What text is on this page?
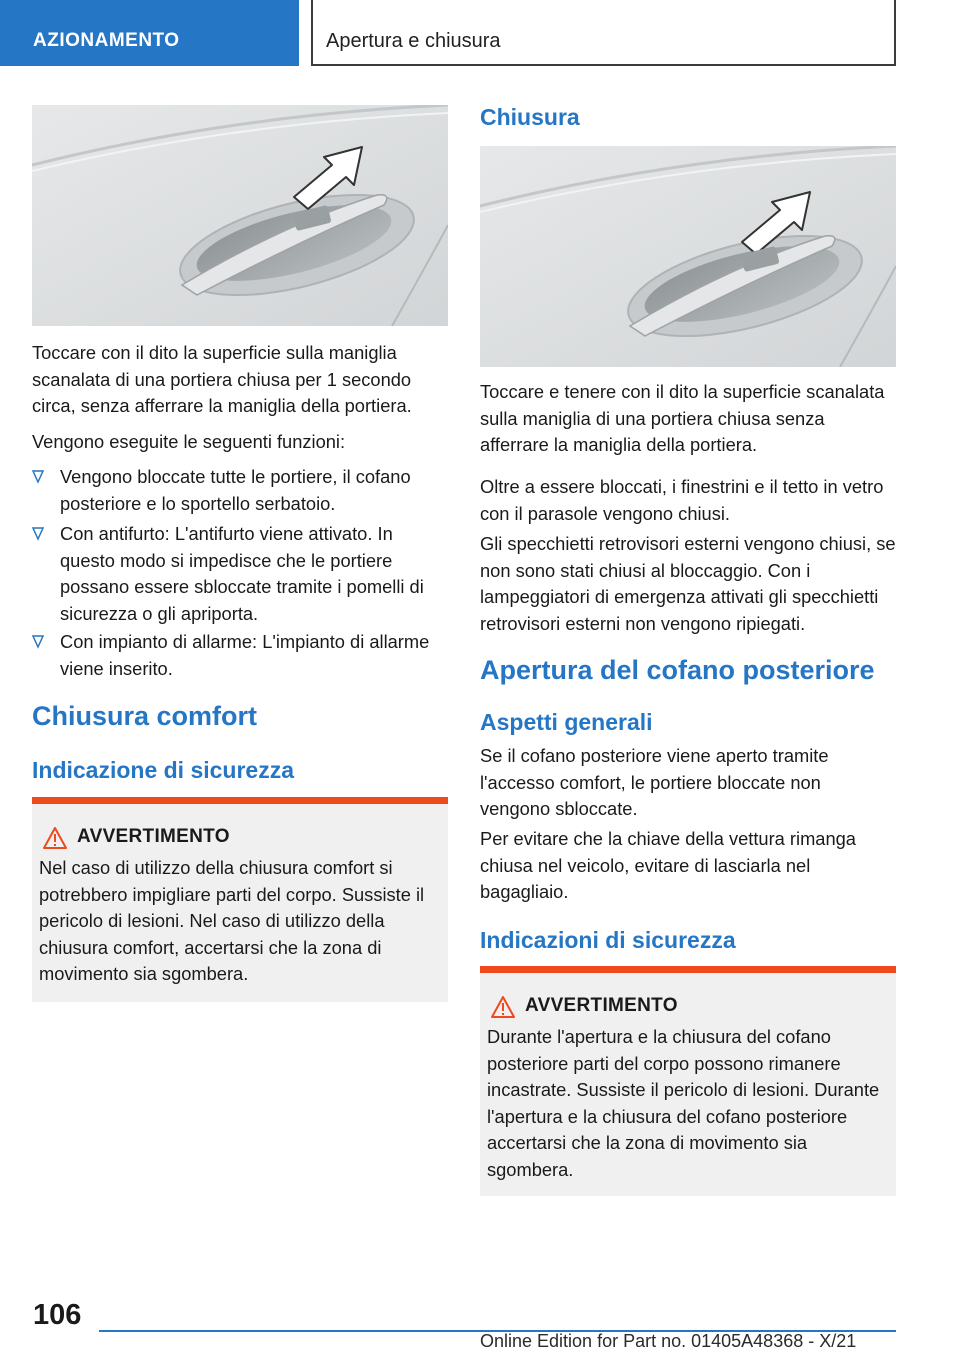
AZIONAMENTO	Apertura e chiusura
Toccare con il dito la superficie sulla maniglia scanalata di una portiera chiusa per 1 secondo circa, senza afferrare la maniglia della portiera.
Vengono eseguite le seguenti funzioni:
Vengono bloccate tutte le portiere, il cofano posteriore e lo sportello serbatoio.
Con antifurto: L'antifurto viene attivato. In questo modo si impedisce che le portiere possano essere sbloccate tramite i pomelli di sicurezza o gli apriporta.
Con impianto di allarme: L'impianto di allarme viene inserito.
Chiusura comfort
Indicazione di sicurezza
AVVERTIMENTO
Nel caso di utilizzo della chiusura comfort si potrebbero impigliare parti del corpo. Sussiste il pericolo di lesioni. Nel caso di utilizzo della chiusura comfort, accertarsi che la zona di movimento sia sgombera.
Chiusura
Toccare e tenere con il dito la superficie scanalata sulla maniglia di una portiera chiusa senza afferrare la maniglia della portiera.
Oltre a essere bloccati, i finestrini e il tetto in vetro con il parasole vengono chiusi.
Gli specchietti retrovisori esterni vengono chiusi, se non sono stati chiusi al bloccaggio. Con i lampeggiatori di emergenza attivati gli specchietti retrovisori esterni non vengono ripiegati.
Apertura del cofano posteriore
Aspetti generali
Se il cofano posteriore viene aperto tramite l'accesso comfort, le portiere bloccate non vengono sbloccate.
Per evitare che la chiave della vettura rimanga chiusa nel veicolo, evitare di lasciarla nel bagagliaio.
Indicazioni di sicurezza
AVVERTIMENTO
Durante l'apertura e la chiusura del cofano posteriore parti del corpo possono rimanere incastrate. Sussiste il pericolo di lesioni. Durante l'apertura e la chiusura del cofano posteriore accertarsi che la zona di movimento sia sgombera.
106
Online Edition for Part no. 01405A48368 - X/21
